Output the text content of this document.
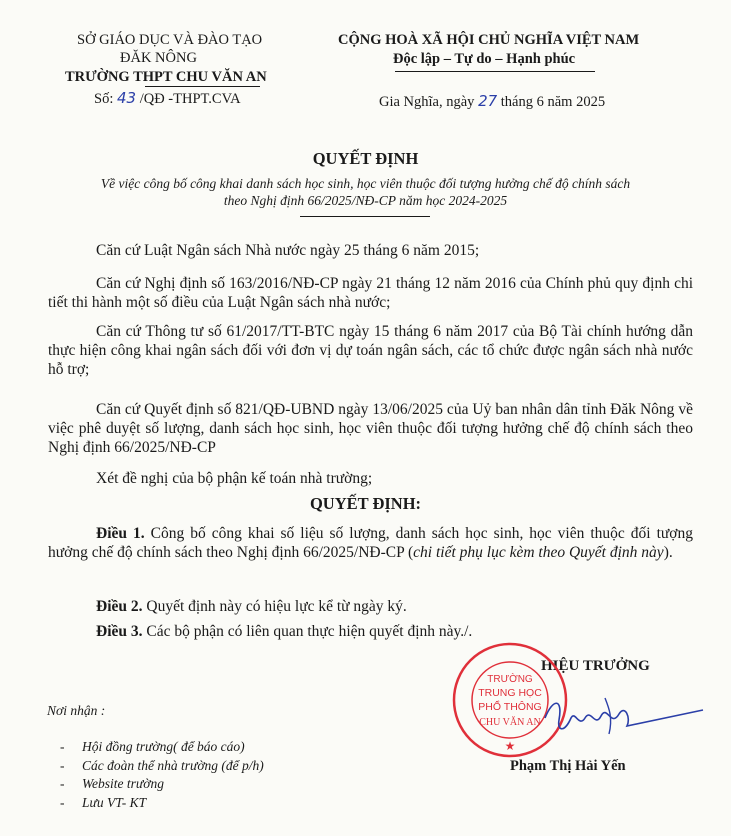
SỞ GIÁO DỤC VÀ ĐÀO TẠO
ĐĂK NÔNG
TRƯỜNG THPT CHU VĂN AN
Số: 43 /QĐ -THPT.CVA
CỘNG HOÀ XÃ HỘI CHỦ NGHĨA VIỆT NAM
Độc lập – Tự do – Hạnh phúc
Gia Nghĩa, ngày 27 tháng 6 năm 2025
QUYẾT ĐỊNH
Về việc công bố công khai danh sách học sinh, học viên thuộc đối tượng hưởng chế độ chính sách
theo Nghị định 66/2025/NĐ-CP năm học 2024-2025
Căn cứ Luật Ngân sách Nhà nước ngày 25 tháng 6 năm 2015;
Căn cứ Nghị định số 163/2016/NĐ-CP ngày 21 tháng 12 năm 2016 của Chính phủ quy định chi tiết thi hành một số điều của Luật Ngân sách nhà nước;
Căn cứ Thông tư số 61/2017/TT-BTC ngày 15 tháng 6 năm 2017 của Bộ Tài chính hướng dẫn thực hiện công khai ngân sách đối với đơn vị dự toán ngân sách, các tổ chức được ngân sách nhà nước hỗ trợ;
Căn cứ Quyết định số 821/QĐ-UBND ngày 13/06/2025 của Uỷ ban nhân dân tỉnh Đăk Nông về việc phê duyệt số lượng, danh sách học sinh, học viên thuộc đối tượng hưởng chế độ chính sách theo Nghị định 66/2025/NĐ-CP
Xét đề nghị của bộ phận kế toán nhà trường;
QUYẾT ĐỊNH:
Điều 1. Công bố công khai số liệu số lượng, danh sách học sinh, học viên thuộc đối tượng hưởng chế độ chính sách theo Nghị định 66/2025/NĐ-CP (chi tiết phụ lục kèm theo Quyết định này).
Điều 2. Quyết định này có hiệu lực kể từ ngày ký.
Điều 3. Các bộ phận có liên quan thực hiện quyết định này./.
Nơi nhận :
- Hội đồng trường( để báo cáo)
- Các đoàn thể nhà trường (để p/h)
- Website trường
- Lưu VT- KT
HIỆU TRƯỞNG
★
TRƯỜNG
TRUNG HỌC
PHỔ THÔNG
CHU VĂN AN
Phạm Thị Hải Yến
